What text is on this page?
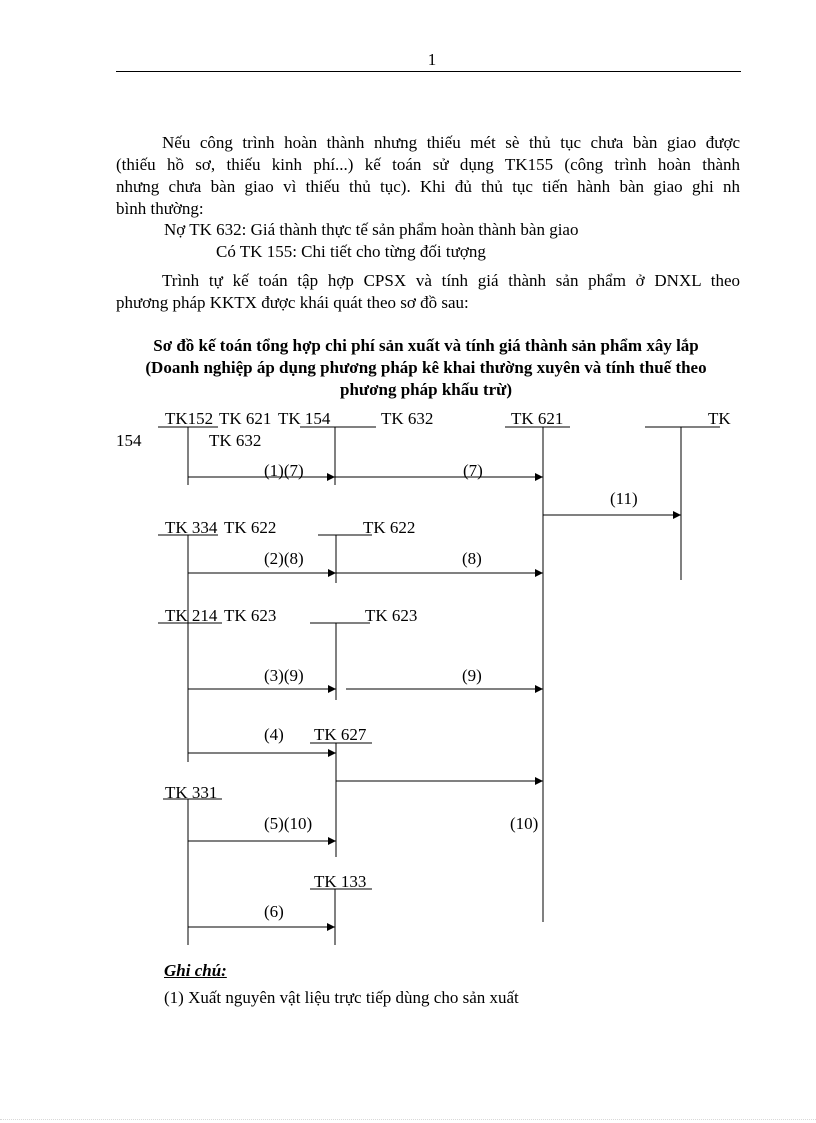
1
Nếu công trình hoàn thành nhưng thiếu mét sè thủ tục chưa bàn giao được
(thiếu hồ sơ, thiếu kinh phí...) kế toán sử dụng TK155 (công trình hoàn thành
nhưng chưa bàn giao vì thiếu thủ tục). Khi đủ thủ tục tiến hành bàn giao ghi nh
bình thường:
Nợ TK 632: Giá thành thực tế sản phẩm hoàn thành bàn giao
Có TK 155: Chi tiết cho từng đối tượng
Trình tự kế toán tập hợp CPSX và tính giá thành sản phẩm ở DNXL theo
phương pháp KKTX được khái quát theo sơ đồ sau:
Sơ đồ kế toán tổng hợp chi phí sản xuất và tính giá thành sản phẩm xây lắp
(Doanh nghiệp áp dụng phương pháp kê khai thường xuyên và tính thuế theo
phương pháp khấu trừ)
TK152 TK 621 TK 154	TK 632	TK 621	TK
154	TK 632
TK 334 TK 622	TK 622
TK 214 TK 623	TK 623
TK 627
TK 331
TK 133
(1)(7)	(7)
(11)
(2)(8)	(8)
(3)(9)	(9)
(4)
(5)(10)	(10)
(6)
Ghi chú:
(1) Xuất nguyên vật liệu trực tiếp dùng cho sản xuất
